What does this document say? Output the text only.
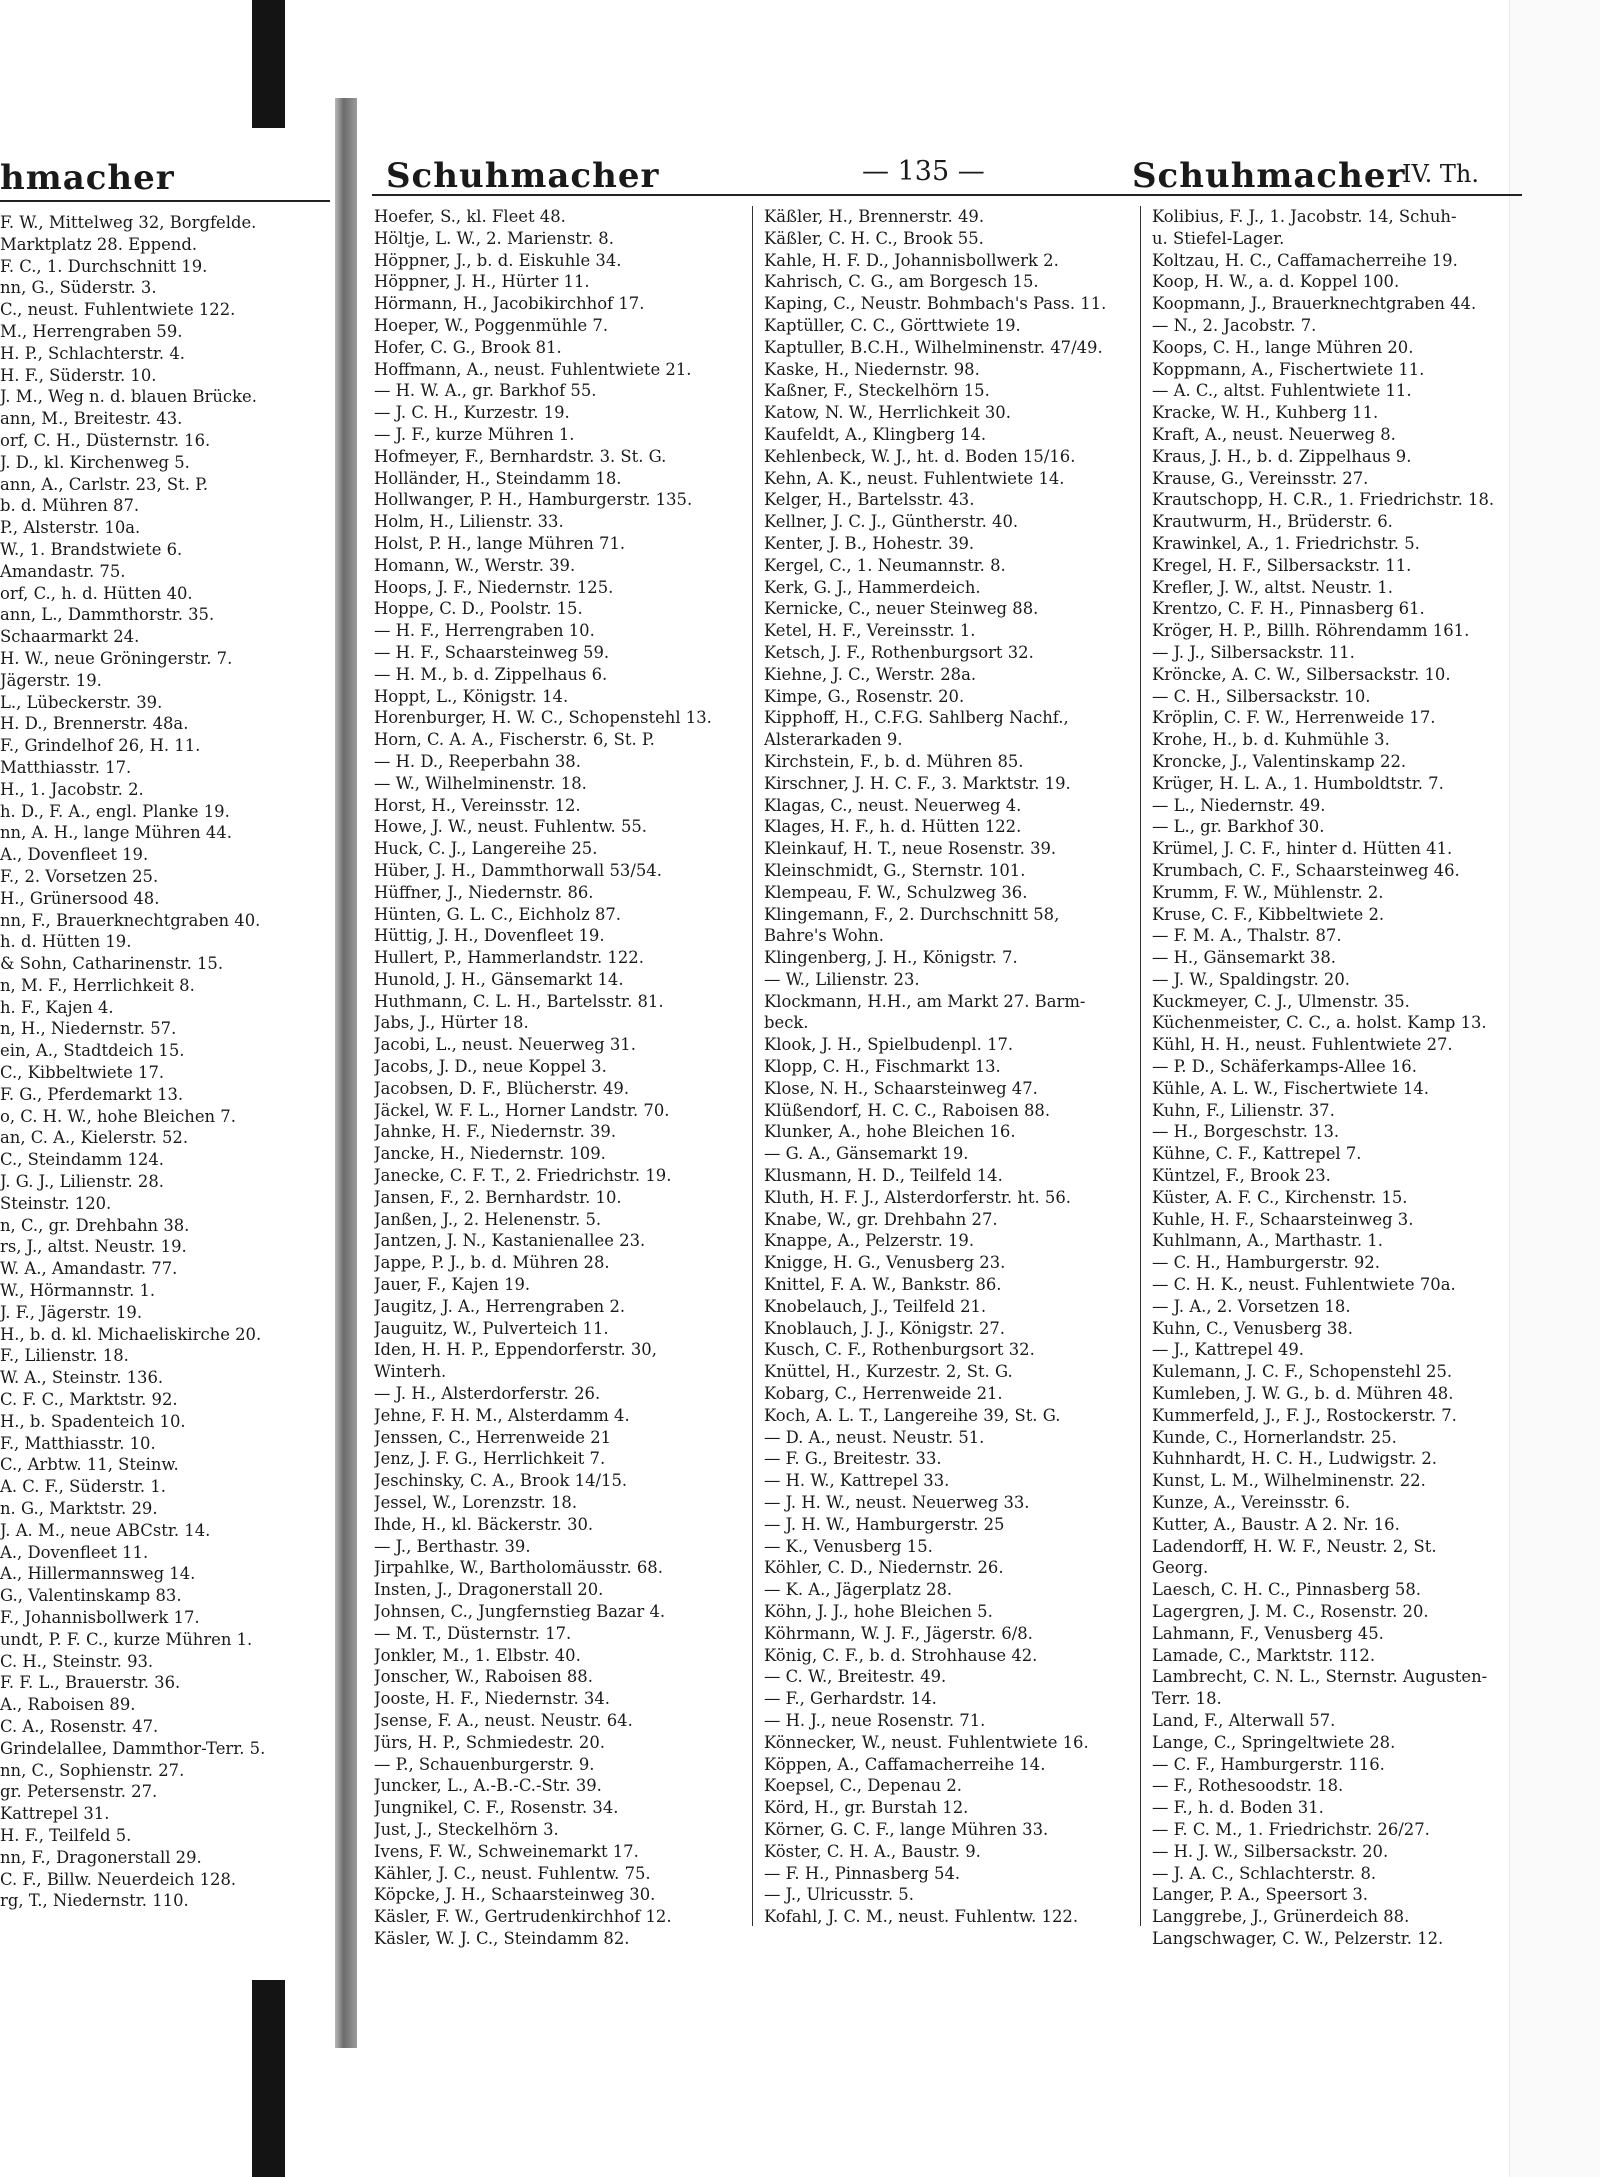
hmacher
F. W., Mittelweg 32, Borgfelde.
Marktplatz 28. Eppend.
F. C., 1. Durchschnitt 19.
nn, G., Süderstr. 3.
C., neust. Fuhlentwiete 122.
M., Herrengraben 59.
H. P., Schlachterstr. 4.
H. F., Süderstr. 10.
J. M., Weg n. d. blauen Brücke.
ann, M., Breitestr. 43.
orf, C. H., Düsternstr. 16.
J. D., kl. Kirchenweg 5.
ann, A., Carlstr. 23, St. P.
b. d. Mühren 87.
P., Alsterstr. 10a.
W., 1. Brandstwiete 6.
Amandastr. 75.
orf, C., h. d. Hütten 40.
ann, L., Dammthorstr. 35.
Schaarmarkt 24.
H. W., neue Gröningerstr. 7.
Jägerstr. 19.
L., Lübeckerstr. 39.
H. D., Brennerstr. 48a.
F., Grindelhof 26, H. 11.
Matthiasstr. 17.
H., 1. Jacobstr. 2.
h. D., F. A., engl. Planke 19.
nn, A. H., lange Mühren 44.
A., Dovenfleet 19.
F., 2. Vorsetzen 25.
H., Grünersood 48.
nn, F., Brauerknechtgraben 40.
h. d. Hütten 19.
& Sohn, Catharinenstr. 15.
n, M. F., Herrlichkeit 8.
h. F., Kajen 4.
n, H., Niedernstr. 57.
ein, A., Stadtdeich 15.
C., Kibbeltwiete 17.
F. G., Pferdemarkt 13.
o, C. H. W., hohe Bleichen 7.
an, C. A., Kielerstr. 52.
C., Steindamm 124.
J. G. J., Lilienstr. 28.
Steinstr. 120.
n, C., gr. Drehbahn 38.
rs, J., altst. Neustr. 19.
W. A., Amandastr. 77.
W., Hörmannstr. 1.
J. F., Jägerstr. 19.
H., b. d. kl. Michaeliskirche 20.
F., Lilienstr. 18.
W. A., Steinstr. 136.
C. F. C., Marktstr. 92.
H., b. Spadenteich 10.
F., Matthiasstr. 10.
C., Arbtw. 11, Steinw.
A. C. F., Süderstr. 1.
n. G., Marktstr. 29.
J. A. M., neue ABCstr. 14.
A., Dovenfleet 11.
A., Hillermannsweg 14.
G., Valentinskamp 83.
F., Johannisbollwerk 17.
undt, P. F. C., kurze Mühren 1.
C. H., Steinstr. 93.
F. F. L., Brauerstr. 36.
A., Raboisen 89.
C. A., Rosenstr. 47.
Grindelallee, Dammthor-Terr. 5.
nn, C., Sophienstr. 27.
gr. Petersenstr. 27.
Kattrepel 31.
H. F., Teilfeld 5.
nn, F., Dragonerstall 29.
C. F., Billw. Neuerdeich 128.
rg, T., Niedernstr. 110.
Schuhmacher	— 135 —	Schuhmacher
IV. Th.
Hoefer, S., kl. Fleet 48.
Höltje, L. W., 2. Marienstr. 8.
Höppner, J., b. d. Eiskuhle 34.
Höppner, J. H., Hürter 11.
Hörmann, H., Jacobikirchhof 17.
Hoeper, W., Poggenmühle 7.
Hofer, C. G., Brook 81.
Hoffmann, A., neust. Fuhlentwiete 21.
— H. W. A., gr. Barkhof 55.
— J. C. H., Kurzestr. 19.
— J. F., kurze Mühren 1.
Hofmeyer, F., Bernhardstr. 3. St. G.
Holländer, H., Steindamm 18.
Hollwanger, P. H., Hamburgerstr. 135.
Holm, H., Lilienstr. 33.
Holst, P. H., lange Mühren 71.
Homann, W., Werstr. 39.
Hoops, J. F., Niedernstr. 125.
Hoppe, C. D., Poolstr. 15.
— H. F., Herrengraben 10.
— H. F., Schaarsteinweg 59.
— H. M., b. d. Zippelhaus 6.
Hoppt, L., Königstr. 14.
Horenburger, H. W. C., Schopenstehl 13.
Horn, C. A. A., Fischerstr. 6, St. P.
— H. D., Reeperbahn 38.
— W., Wilhelminenstr. 18.
Horst, H., Vereinsstr. 12.
Howe, J. W., neust. Fuhlentw. 55.
Huck, C. J., Langereihe 25.
Hüber, J. H., Dammthorwall 53/54.
Hüffner, J., Niedernstr. 86.
Hünten, G. L. C., Eichholz 87.
Hüttig, J. H., Dovenfleet 19.
Hullert, P., Hammerlandstr. 122.
Hunold, J. H., Gänsemarkt 14.
Huthmann, C. L. H., Bartelsstr. 81.
Jabs, J., Hürter 18.
Jacobi, L., neust. Neuerweg 31.
Jacobs, J. D., neue Koppel 3.
Jacobsen, D. F., Blücherstr. 49.
Jäckel, W. F. L., Horner Landstr. 70.
Jahnke, H. F., Niedernstr. 39.
Jancke, H., Niedernstr. 109.
Janecke, C. F. T., 2. Friedrichstr. 19.
Jansen, F., 2. Bernhardstr. 10.
Janßen, J., 2. Helenenstr. 5.
Jantzen, J. N., Kastanienallee 23.
Jappe, P. J., b. d. Mühren 28.
Jauer, F., Kajen 19.
Jaugitz, J. A., Herrengraben 2.
Jauguitz, W., Pulverteich 11.
Iden, H. H. P., Eppendorferstr. 30,
Winterh.
— J. H., Alsterdorferstr. 26.
Jehne, F. H. M., Alsterdamm 4.
Jenssen, C., Herrenweide 21
Jenz, J. F. G., Herrlichkeit 7.
Jeschinsky, C. A., Brook 14/15.
Jessel, W., Lorenzstr. 18.
Ihde, H., kl. Bäckerstr. 30.
— J., Berthastr. 39.
Jirpahlke, W., Bartholomäusstr. 68.
Insten, J., Dragonerstall 20.
Johnsen, C., Jungfernstieg Bazar 4.
— M. T., Düsternstr. 17.
Jonkler, M., 1. Elbstr. 40.
Jonscher, W., Raboisen 88.
Jooste, H. F., Niedernstr. 34.
Jsense, F. A., neust. Neustr. 64.
Jürs, H. P., Schmiedestr. 20.
— P., Schauenburgerstr. 9.
Juncker, L., A.-B.-C.-Str. 39.
Jungnikel, C. F., Rosenstr. 34.
Just, J., Steckelhörn 3.
Ivens, F. W., Schweinemarkt 17.
Kähler, J. C., neust. Fuhlentw. 75.
Köpcke, J. H., Schaarsteinweg 30.
Käsler, F. W., Gertrudenkirchhof 12.
Käsler, W. J. C., Steindamm 82.
Käßler, H., Brennerstr. 49.
Käßler, C. H. C., Brook 55.
Kahle, H. F. D., Johannisbollwerk 2.
Kahrisch, C. G., am Borgesch 15.
Kaping, C., Neustr. Bohmbach's Pass. 11.
Kaptüller, C. C., Görttwiete 19.
Kaptuller, B.C.H., Wilhelminenstr. 47/49.
Kaske, H., Niedernstr. 98.
Kaßner, F., Steckelhörn 15.
Katow, N. W., Herrlichkeit 30.
Kaufeldt, A., Klingberg 14.
Kehlenbeck, W. J., ht. d. Boden 15/16.
Kehn, A. K., neust. Fuhlentwiete 14.
Kelger, H., Bartelsstr. 43.
Kellner, J. C. J., Güntherstr. 40.
Kenter, J. B., Hohestr. 39.
Kergel, C., 1. Neumannstr. 8.
Kerk, G. J., Hammerdeich.
Kernicke, C., neuer Steinweg 88.
Ketel, H. F., Vereinsstr. 1.
Ketsch, J. F., Rothenburgsort 32.
Kiehne, J. C., Werstr. 28a.
Kimpe, G., Rosenstr. 20.
Kipphoff, H., C.F.G. Sahlberg Nachf.,
Alsterarkaden 9.
Kirchstein, F., b. d. Mühren 85.
Kirschner, J. H. C. F., 3. Marktstr. 19.
Klagas, C., neust. Neuerweg 4.
Klages, H. F., h. d. Hütten 122.
Kleinkauf, H. T., neue Rosenstr. 39.
Kleinschmidt, G., Sternstr. 101.
Klempeau, F. W., Schulzweg 36.
Klingemann, F., 2. Durchschnitt 58,
Bahre's Wohn.
Klingenberg, J. H., Königstr. 7.
— W., Lilienstr. 23.
Klockmann, H.H., am Markt 27. Barm-
beck.
Klook, J. H., Spielbudenpl. 17.
Klopp, C. H., Fischmarkt 13.
Klose, N. H., Schaarsteinweg 47.
Klüßendorf, H. C. C., Raboisen 88.
Klunker, A., hohe Bleichen 16.
— G. A., Gänsemarkt 19.
Klusmann, H. D., Teilfeld 14.
Kluth, H. F. J., Alsterdorferstr. ht. 56.
Knabe, W., gr. Drehbahn 27.
Knappe, A., Pelzerstr. 19.
Knigge, H. G., Venusberg 23.
Knittel, F. A. W., Bankstr. 86.
Knobelauch, J., Teilfeld 21.
Knoblauch, J. J., Königstr. 27.
Kusch, C. F., Rothenburgsort 32.
Knüttel, H., Kurzestr. 2, St. G.
Kobarg, C., Herrenweide 21.
Koch, A. L. T., Langereihe 39, St. G.
— D. A., neust. Neustr. 51.
— F. G., Breitestr. 33.
— H. W., Kattrepel 33.
— J. H. W., neust. Neuerweg 33.
— J. H. W., Hamburgerstr. 25
— K., Venusberg 15.
Köhler, C. D., Niedernstr. 26.
— K. A., Jägerplatz 28.
Köhn, J. J., hohe Bleichen 5.
Köhrmann, W. J. F., Jägerstr. 6/8.
König, C. F., b. d. Strohhause 42.
— C. W., Breitestr. 49.
— F., Gerhardstr. 14.
— H. J., neue Rosenstr. 71.
Könnecker, W., neust. Fuhlentwiete 16.
Köppen, A., Caffamacherreihe 14.
Koepsel, C., Depenau 2.
Körd, H., gr. Burstah 12.
Körner, G. C. F., lange Mühren 33.
Köster, C. H. A., Baustr. 9.
— F. H., Pinnasberg 54.
— J., Ulricusstr. 5.
Kofahl, J. C. M., neust. Fuhlentw. 122.
Kolibius, F. J., 1. Jacobstr. 14, Schuh-
u. Stiefel-Lager.
Koltzau, H. C., Caffamacherreihe 19.
Koop, H. W., a. d. Koppel 100.
Koopmann, J., Brauerknechtgraben 44.
— N., 2. Jacobstr. 7.
Koops, C. H., lange Mühren 20.
Koppmann, A., Fischertwiete 11.
— A. C., altst. Fuhlentwiete 11.
Kracke, W. H., Kuhberg 11.
Kraft, A., neust. Neuerweg 8.
Kraus, J. H., b. d. Zippelhaus 9.
Krause, G., Vereinsstr. 27.
Krautschopp, H. C.R., 1. Friedrichstr. 18.
Krautwurm, H., Brüderstr. 6.
Krawinkel, A., 1. Friedrichstr. 5.
Kregel, H. F., Silbersackstr. 11.
Krefler, J. W., altst. Neustr. 1.
Krentzo, C. F. H., Pinnasberg 61.
Kröger, H. P., Billh. Röhrendamm 161.
— J. J., Silbersackstr. 11.
Kröncke, A. C. W., Silbersackstr. 10.
— C. H., Silbersackstr. 10.
Kröplin, C. F. W., Herrenweide 17.
Krohe, H., b. d. Kuhmühle 3.
Kroncke, J., Valentinskamp 22.
Krüger, H. L. A., 1. Humboldtstr. 7.
— L., Niedernstr. 49.
— L., gr. Barkhof 30.
Krümel, J. C. F., hinter d. Hütten 41.
Krumbach, C. F., Schaarsteinweg 46.
Krumm, F. W., Mühlenstr. 2.
Kruse, C. F., Kibbeltwiete 2.
— F. M. A., Thalstr. 87.
— H., Gänsemarkt 38.
— J. W., Spaldingstr. 20.
Kuckmeyer, C. J., Ulmenstr. 35.
Küchenmeister, C. C., a. holst. Kamp 13.
Kühl, H. H., neust. Fuhlentwiete 27.
— P. D., Schäferkamps-Allee 16.
Kühle, A. L. W., Fischertwiete 14.
Kuhn, F., Lilienstr. 37.
— H., Borgeschstr. 13.
Kühne, C. F., Kattrepel 7.
Küntzel, F., Brook 23.
Küster, A. F. C., Kirchenstr. 15.
Kuhle, H. F., Schaarsteinweg 3.
Kuhlmann, A., Marthastr. 1.
— C. H., Hamburgerstr. 92.
— C. H. K., neust. Fuhlentwiete 70a.
— J. A., 2. Vorsetzen 18.
Kuhn, C., Venusberg 38.
— J., Kattrepel 49.
Kulemann, J. C. F., Schopenstehl 25.
Kumleben, J. W. G., b. d. Mühren 48.
Kummerfeld, J., F. J., Rostockerstr. 7.
Kunde, C., Hornerlandstr. 25.
Kuhnhardt, H. C. H., Ludwigstr. 2.
Kunst, L. M., Wilhelminenstr. 22.
Kunze, A., Vereinsstr. 6.
Kutter, A., Baustr. A 2. Nr. 16.
Ladendorff, H. W. F., Neustr. 2, St.
Georg.
Laesch, C. H. C., Pinnasberg 58.
Lagergren, J. M. C., Rosenstr. 20.
Lahmann, F., Venusberg 45.
Lamade, C., Marktstr. 112.
Lambrecht, C. N. L., Sternstr. Augusten-
Terr. 18.
Land, F., Alterwall 57.
Lange, C., Springeltwiete 28.
— C. F., Hamburgerstr. 116.
— F., Rothesoodstr. 18.
— F., h. d. Boden 31.
— F. C. M., 1. Friedrichstr. 26/27.
— H. J. W., Silbersackstr. 20.
— J. A. C., Schlachterstr. 8.
Langer, P. A., Speersort 3.
Langgrebe, J., Grünerdeich 88.
Langschwager, C. W., Pelzerstr. 12.
